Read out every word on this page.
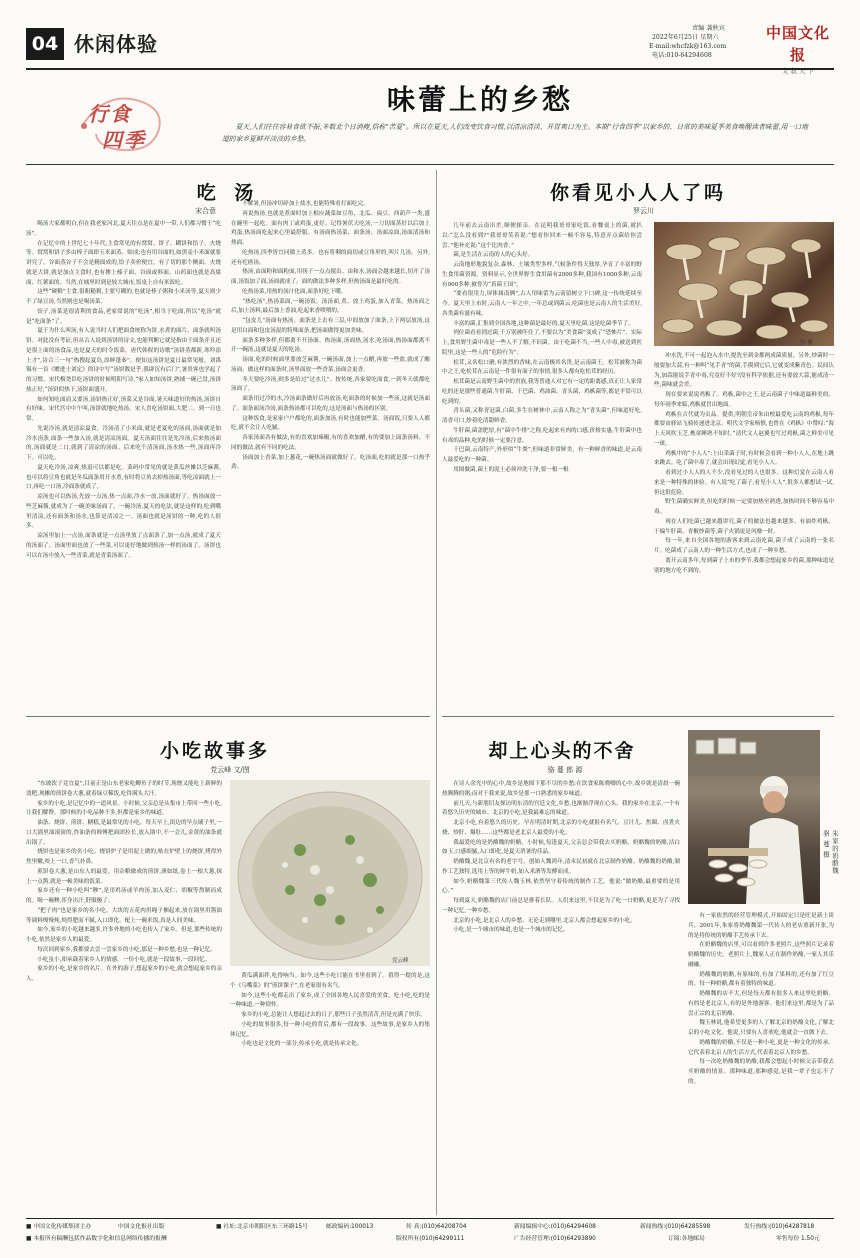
04 休闲体验
责编 袭秋宾
2022年6月25日 星期六
E-mail:whcfzk@163.com
电话:010-64294608
中国文化报
文 叙 天 下
行食
四季
味蕾上的乡愁
夏天,人们往往容易食欲不振,多数北个日消瘦,俗称“苦夏”。所以在夏天,人们改变饮食习惯,以清凉清淡、开胃爽口为主。本期“行食四季”以家乡的、日常的美味夏季美食唤醒读者味蕾,用一口地道的家乡夏鲜开淡淡的乡愁。
吃 汤
宋合意

喝汤大家都明白,但在我老家河北,夏天往点是在夏中一带,人们都习惯于“吃汤”。

在记忆中的上世纪七十年代,主食常见的有窝窝、饼子、糊饼和饸子、火烧等。窝窝和饼子多由棒子面即玉米面蒸、贴成;也有用谷面的,如黑麦小米面就要讲究了。谷面蒸谷子不会是精面成的,饸子卖价便宜。有了切的那个侧面、火烧就是大饼,就是加点主食时,也有掺上榛子面、谷面或料面、山药面也就是高粱面、红薯面的。当然,在城里时到是较大城市,饭桌上自有米饭吃。

这些“硬粮”主食,很粗糙粗,主要写糊的,也就是棒子粥和小米汤等,夏天则少不了绿豆汤,当然则也是喝汤菜。

饺子,汤菜是很清利的食品,老家常说的“吃汤”,相当于吃面,所以“吃汤”就是“吃面条”了。

夏于为什么叫汤,有人说当时人们把面食统称为饼,水煮的面片、面条就叫汤饼。对此没有考证,但从古人说到汤饼的诗文,也能判断它就是指由于面条并且还是很上面的汤食品,也是夏天的时令饭菜。唐代韩偓的诗歌“汤饼蒸都新,寒吟添上才”,诗合三一句“热搜起夏岛,添鲜蓬秦”。便知这汤饼是夏日最常见般。刘禹锡有一首《赠进士刘定》的诗中写“汤饼数是乎,我辟沉有后门”,暑贵客也学起了的习惯。宋代梅尧臣吃汤饼的时候明阳写诗,“家人如知汤饼,熟铺一碗已盘,汤饼热正好,“汤饼似热下,汤饼面盛开。

如何知吃面而又要汤,汤饼热正好,汤菜又是谷面,暑天味道好的热汤,汤饼自有好味。宋代宫中中午叫,汤饼就地吃热汤。宋人喜吃汤饼面,大肥二。到一日也常。

先说冷汤,就是清凉夏食。冷汤清了小米面,就是老夏吃的汤面,汤面就是加冷水卤条,面条一些加入汤,就是清凉汤面。夏天汤面往往是先冷汤,后来热汤面的,汤面就是二口,就到了清凉的汤面。后来吃个清汤面,汤水热一些,汤面再冷下。可以吃。

夏天吃冷汤,凉爽,热退可以都是吃。菜码中常见的就是黄瓜丝摊以芝麻酱,也可以将豆角也就是冬瓜面条用开水煮,有时将豆角去掉热汤面,等吃凉面就上一口,再吃一口汤,冷面条就成了。

凉汤也可以热汤,先放一点汤,热一点面,冷水一放,汤面就好了。热汤面放一些芝麻酱,就成为了一碗美味汤面了。一碗冷汤,夏天的吃法,就是这样的,吃到嘴里清凉,还有面条和汤水,也算是清凉之一。汤面也就是汤饼的一种,吃的人很多。

凉汤里加上一点汤,面条就是一点汤里放了点面条了,加一点汤,就成了夏天的汤面了。汤面里面也放了一些菜,可以更好地做到热汤一样的汤面了。汤饼也可以在汤中放入一些青菜,就是青菜汤面了。

不解暑,但汤冲切碎加上盐水,也能特殊看打面吃完。

再说热汤,也就是煮面时加上相应蔬菜如豆角、北瓜、扁豆、西葫芦一类,盛在碗里一起吃。面有肉丁或鸡蛋,更好。记得暑伏天吃汤,一刀切面蒸好以后加上鸡蛋,热汤面吃起来心里最舒服。有汤面热汤菜、面条汤、汤面凉面,汤面清汤和热面。

吃热汤,四季皆宜同做上蒸多。也有将剩的面切或豆角形的,叫片儿汤。另外,还有疙瘩汤。

热汤,由面粉和面粉面,用筷子一点点搅出。由和水,汤面会越来越长,切开了汤面,汤饭加了面,汤面就成了。面的做法多种多样,但热汤面是最好吃的。

吃热汤菜,用热的汤汁化面,面条好吃下嘴。

“热吃汤”,热汤菜面,一碗汤饭。汤汤面,煮、放上鸡蛋,加入青菜。热汤面之后,加上汤料,最后加上香油,吃起来香喷喷的。

“包皮儿”汤面有热汤。面条是上去有三层,中间放加了面条,上下两层放汤,这是用白面和包皮汤混的特殊面条,把汤面做得更加美味。

面条多种多样,但都离不开汤面。热汤面,汤面热,汤水,吃汤面,热汤面都离不开一碗汤,这就是夏天的吃汤。

汤面,吃的时候面里要放芝麻酱,一碗汤面,加上一点醋,再放一些盐,就成了酸汤面。做这样的面条时,汤里面放一些香菜,汤面会更香。

冬天要吃冷汤,则多是给过“过水儿”。按传统,各家要吃面食,一到冬天就都吃汤面了。

面条用过冷的水,冷汤面条做好后再放汤,吃面条的时候加一些汤,这就是汤面了。面条面汤冷汤,面条热汤都可以吃的,这是汤面与热汤的区别。

这种饭食,是家家户户都吃的,面条加汤,有时也能加些菜。汤面饭,只要人人都吃,就不会让人吃腻。

各家汤面各有做法,有的喜欢加辣椒,有的喜欢加醋,有的要加上面条汤料。不同的做法,就有不同的吃法。

汤面加上香菜,加上葱花,一碗热汤面就做好了。吃汤面,吃的就是那一口热乎劲。

你看见小人人了吗
罗云川

几年前去云南出差,顺便探亲。在昆明我哥哥家吃饭,看餐桌上的菌,就扒以:“怎么没看到?”我哥哥笑着说:“想看你回来一顿不容易,特意弄点菌给你尝尝。”他补充说:“这个比肉香。”

菌,是生活在云南的人的心头好。

云南地形地貌复杂,森林、土壤类型多样,气候条件得天独厚,孕育了丰富的野生食用菌资源。资料显示,全世界野生食用菌有2000多种,我国有1000多种,云南有900多种,被誉为“真菌王国”。

“要看很用力,屏体属南俩”,古人用味蕾为云南留树立下口碑,这一传统延续至今。夏天里上市时,云南人一年之中,一年总或到菌云,吃菌也是云南人的生活美好,各类菌有滋有味。

丰富的菌,汇集到全国各地,这种菌是最好的,夏天里吃菌,这是吃菌季节了。

列位菌看看到过菌,千万别被吓住了,不要以为“美食菌”变成了“恐怖片”。实际上,食用野生菌中毒是一些人不了解,不识菌。由于吃菌不当,一些人中毒,被送到医院里,这是一些人的“危险行为”。

松茸,又名松口蘑,有浓烈的香味,在云南极其名贵,是云南菌王。松茸被称为菌中之王,吃松茸在云南是一件很有面子的事情,很多人都有吃松茸的经历。

松茸菌是云南野生菌中的贵族,我等普通人对它有一定的距离感,真正让人家常吃的还是那些普通菌,牛肝菌、干巴菌、鸡油菌、青头菌、鸡枞菌等,都是平常可以吃到的。

青头菌,又称青冠菌,白菌,多生在树林中,云南人称之为“青头菌”,但味道好吃,清香可口,炒着吃清甜鲜香。

牛肝菌,菌盖肥厚,有“菌中牛排”之称,吃起来有肉的口感,价格实惠,牛肝菌中也有毒的品种,吃的时候一定要注意。

干巴菌,云南特产,外形似“牛粪”,但味道非常鲜美。有一种鲜香的味道,是云南人最爱吃的一种菌。

用图做菌,菌土的泥土必须冲洗干净,要一根一根

骆 摄

冲水洗,不可一起泡入水中,提洗至到金都两成菌质量。另外,炒菌时一般要加大蒜,有一种叫“见手青”的菌,手摸到它后,它就变成紫青色。民间认为,加蒜能说手青中毒,究竟好不好?没有科学依据,还有要放大蒜,能成清一些,菌味就会差。

现在要来说说鸡枞了。鸡枞,菌中之王,是云南菌子中味道最鲜美的。每年雨季来临,鸡枞就冒出地面。

鸡枞在古代就为贡品。提供,明朝皇帝朱由校最爱吃云南的鸡枞,每年都要由驿站飞骑传递进北京。明代文学家杨慎,也曾在《鸡枞》中赞叹:“海上天风吹玉芝,樵童睡熟不知时。”清代文人赵翼也写过鸡枞,菌之鲜美可见一斑。

鸡枞中的“小人人”:上山采菌子时,有时候会看到一种小人人,在地上跳来跳去。吃了菌中毒了,就会出现幻觉,看见小人人。

看到过小人人的人不少,没看见过的人也很多。这种幻觉在云南人看来是一种特殊的体验。有人说“吃了菌子,看见小人人”,很多人都想试一试,但这很危险。

野生菌确实鲜美,但吃的时候一定要加热至熟透,加热时间不够容易中毒。

现在人们吃菌已越来越讲究,菌子的做法也越来越多。有油炸鸡枞、干煸牛肝菌、青椒炒菌等,菌子火锅更是风靡一时。

每一年,来自全国各地的游客来到云南吃菌,菌子成了云南的一张名片。吃菌成了云南人的一种生活方式,也成了一种乡愁。

离开云南多年,每到菌子上市的季节,我都会想起家乡的菌,那种味道是别的地方吃不到的。

小吃故事多
党云峰 文/图

“东坡饮子竟宜夏”,目前正是山东老家吃鲫鱼子的时节,现烧又能吃上新鲜的烫粑,现摊的煎饼卷大葱,就着绿豆稀饭,吃得满头大汗。

家乡的小吃,是记忆中的一道风景。小时候,父亲总是从集市上带回一些小吃,让我们解馋。那时候的小吃品种不多,但都是家乡的味道。

油条、烧饼、煎饼、糖糕,是最常见的小吃。每天早上,街边的早点铺子里,一口大锅里油滚滚的,炸油条的师傅把面团拉长,放入锅中,不一会儿,金黄的油条就出锅了。

烧饼也是家乡的名小吃。烧饼炉子是用泥土做的,贴在炉壁上的烧饼,烤得外焦里嫩,咬上一口,香气扑鼻。

煎饼卷大葱,是山东人的最爱。用杂粮做成的煎饼,薄如纸,卷上一根大葱,抹上一点酱,就是一顿美味的饭菜。

家乡还有一种小吃叫“糁”,是用鸡汤或羊肉汤,加入麦仁、胡椒等熬制而成的。喝一碗糁,浑身出汗,舒服极了。

“把子肉”也是家乡的名小吃。大块的五花肉用绳子捆起来,放在锅里用酱油等调料慢慢炖,炖得肥而不腻,入口即化。配上一碗米饭,真是人间美味。

如今,家乡的小吃越来越多,许多外地的小吃也传入了家乡。但是,那些传统的小吃,依然是家乡人的最爱。

每次回到家乡,我都要去尝一尝家乡的小吃,那是一种乡愁,也是一种记忆。

小吃虽小,却承载着家乡人的情感。一份小吃,就是一段故事,一段回忆。

家乡的小吃,是家乡的名片。在外的游子,想起家乡的小吃,就会想起家乡的亲人。

党云峰

黄瓜满面拌,吃得响当。如今,这些小吃只能在书里看到了。值得一提的是,这个《乌嘴菜》的“煎饼馃子”,在老家很有名气。

如今,这些小吃都走出了家乡,成了全国各地人民喜爱的美食。吃小吃,吃的是一种味道,一种情怀。

家乡的小吃,总能让人想起过去的日子,那些日子虽然清苦,但是充满了快乐。

小吃的故事很多,每一种小吃的背后,都有一段故事。这些故事,是家乡人的集体记忆。

小吃也是文化的一部分,传承小吃,就是传承文化。

却上心头的不舍
骆 蔓 郎 源

在诗人余光中的心中,故乡是地图下那不尽的乡愁;在饮食家陈晓卿的心中,故乡就是清晨一碗热腾腾的粥;而对于我来说,故乡是那一口熟悉的家乡味道。

前几天,与新朋旧友探访明东清的宫廷文化,乡愁,也渐渐浮现在心头。我的家乡在北京,一个有着悠久历史的城市。北京的小吃,是我最难忘的味道。

北京小吃,有着悠久的历史。早在明清时期,北京的小吃就很有名气。豆汁儿、焦圈、卤煮火烧、炒肝、爆肚……这些都是老北京人最爱的小吃。

我最爱吃的是奶酪魏的奶酪。小时候,每逢夏天,父亲总会带我去买奶酪。奶酪魏的奶酪,洁白如玉,口感细腻,入口即化,是夏天消暑的佳品。

奶酪魏,是北京有名的老字号。创始人魏鸿年,清末民初就在北京制作奶酪。奶酪魏的奶酪,制作工艺独特,选用上等的鲜牛奶,加入米酒等发酵而成。

如今,奶酪魏第三代传人魏玉林,依然坚守着传统的制作工艺。他说:“做奶酪,最重要的是用心。”

每到夏天,奶酪魏的店门前总是排着长队。人们来这里,不仅是为了吃一口奶酪,更是为了寻找一种记忆,一种乡愁。

北京的小吃,是北京人的乡愁。无论走到哪里,北京人都会想起家乡的小吃。

小吃,是一个城市的味道,也是一个城市的记忆。

朱家的奶酪魏
骆 蔓 摄

有一家依然的经营管理模式,开始固定只是旺是新上谈兵。2001年,朱家将奶酪魏第一代传人的老店重新开张,为的是将传统的奶酪手艺传承下去。

在奶酪魏的店里,可以看到许多老照片,这些照片记录着奶酪魏的历史。老照片上,魏家人正在制作奶酪,一家人其乐融融。

奶酪魏的奶酪,有原味的,有加了果料的,还有加了红豆的。每一种奶酪,都有着独特的味道。

奶酪魏的店不大,但是每天都有很多人来这里吃奶酪。有的是老北京人,有的是外地游客。他们来这里,都是为了品尝正宗的北京奶酪。

魏玉林说,他希望更多的人了解北京的奶酪文化,了解北京的小吃文化。他说,只要有人喜欢吃,他就会一直做下去。

奶酪魏的奶酪,不仅是一种小吃,更是一种文化的传承。它代表着北京人的生活方式,代表着北京人的乡愁。

每一次吃奶酪魏的奶酪,我都会想起小时候父亲带我去买奶酪的情景。那种味道,那种感觉,是我一辈子也忘不了的。

■ 中国文化传媒集团主办	中国文化报社出版	■ 社址:北京市朝阳区东三环路15号	邮政编码:100013	传 真:(010)64208704	新闻编辑中心:(010)64294608	新闻热线:(010)64285598	发行热线:(010)64287818
■ 本报所有稿酬包括作品数字化和信息网络传播的报酬	版权所有(010)64299111	广告经营管理:(010)64293890	订阅:各地邮局	零售每份 1.50元
